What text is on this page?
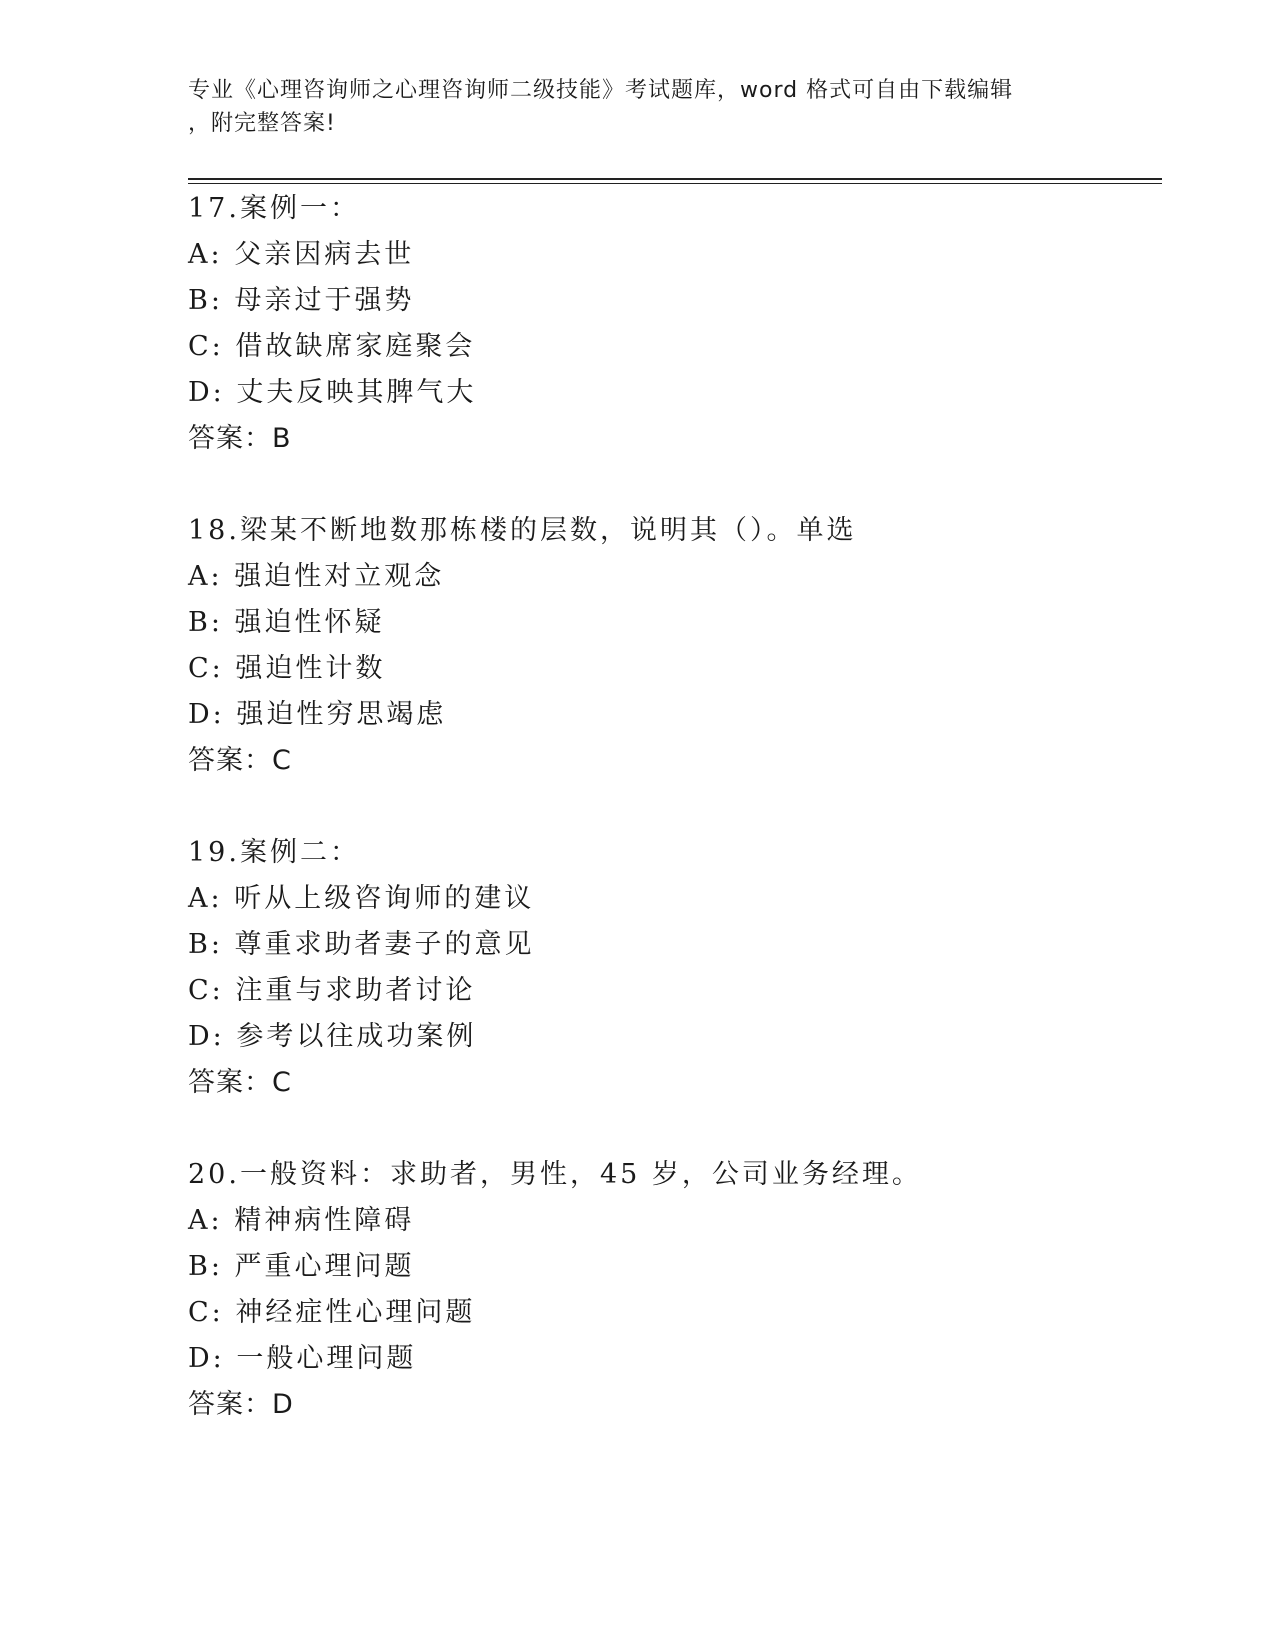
专业《心理咨询师之心理咨询师二级技能》考试题库，word 格式可自由下载编辑
，附完整答案!
17.案例一：
A: 父亲因病去世
B: 母亲过于强势
C: 借故缺席家庭聚会
D: 丈夫反映其脾气大
答案：B
18.梁某不断地数那栋楼的层数，说明其（）。单选
A: 强迫性对立观念
B: 强迫性怀疑
C: 强迫性计数
D: 强迫性穷思竭虑
答案：C
19.案例二：
A: 听从上级咨询师的建议
B: 尊重求助者妻子的意见
C: 注重与求助者讨论
D: 参考以往成功案例
答案：C
20.一般资料：求助者，男性，45 岁，公司业务经理。
A: 精神病性障碍
B: 严重心理问题
C: 神经症性心理问题
D: 一般心理问题
答案：D
